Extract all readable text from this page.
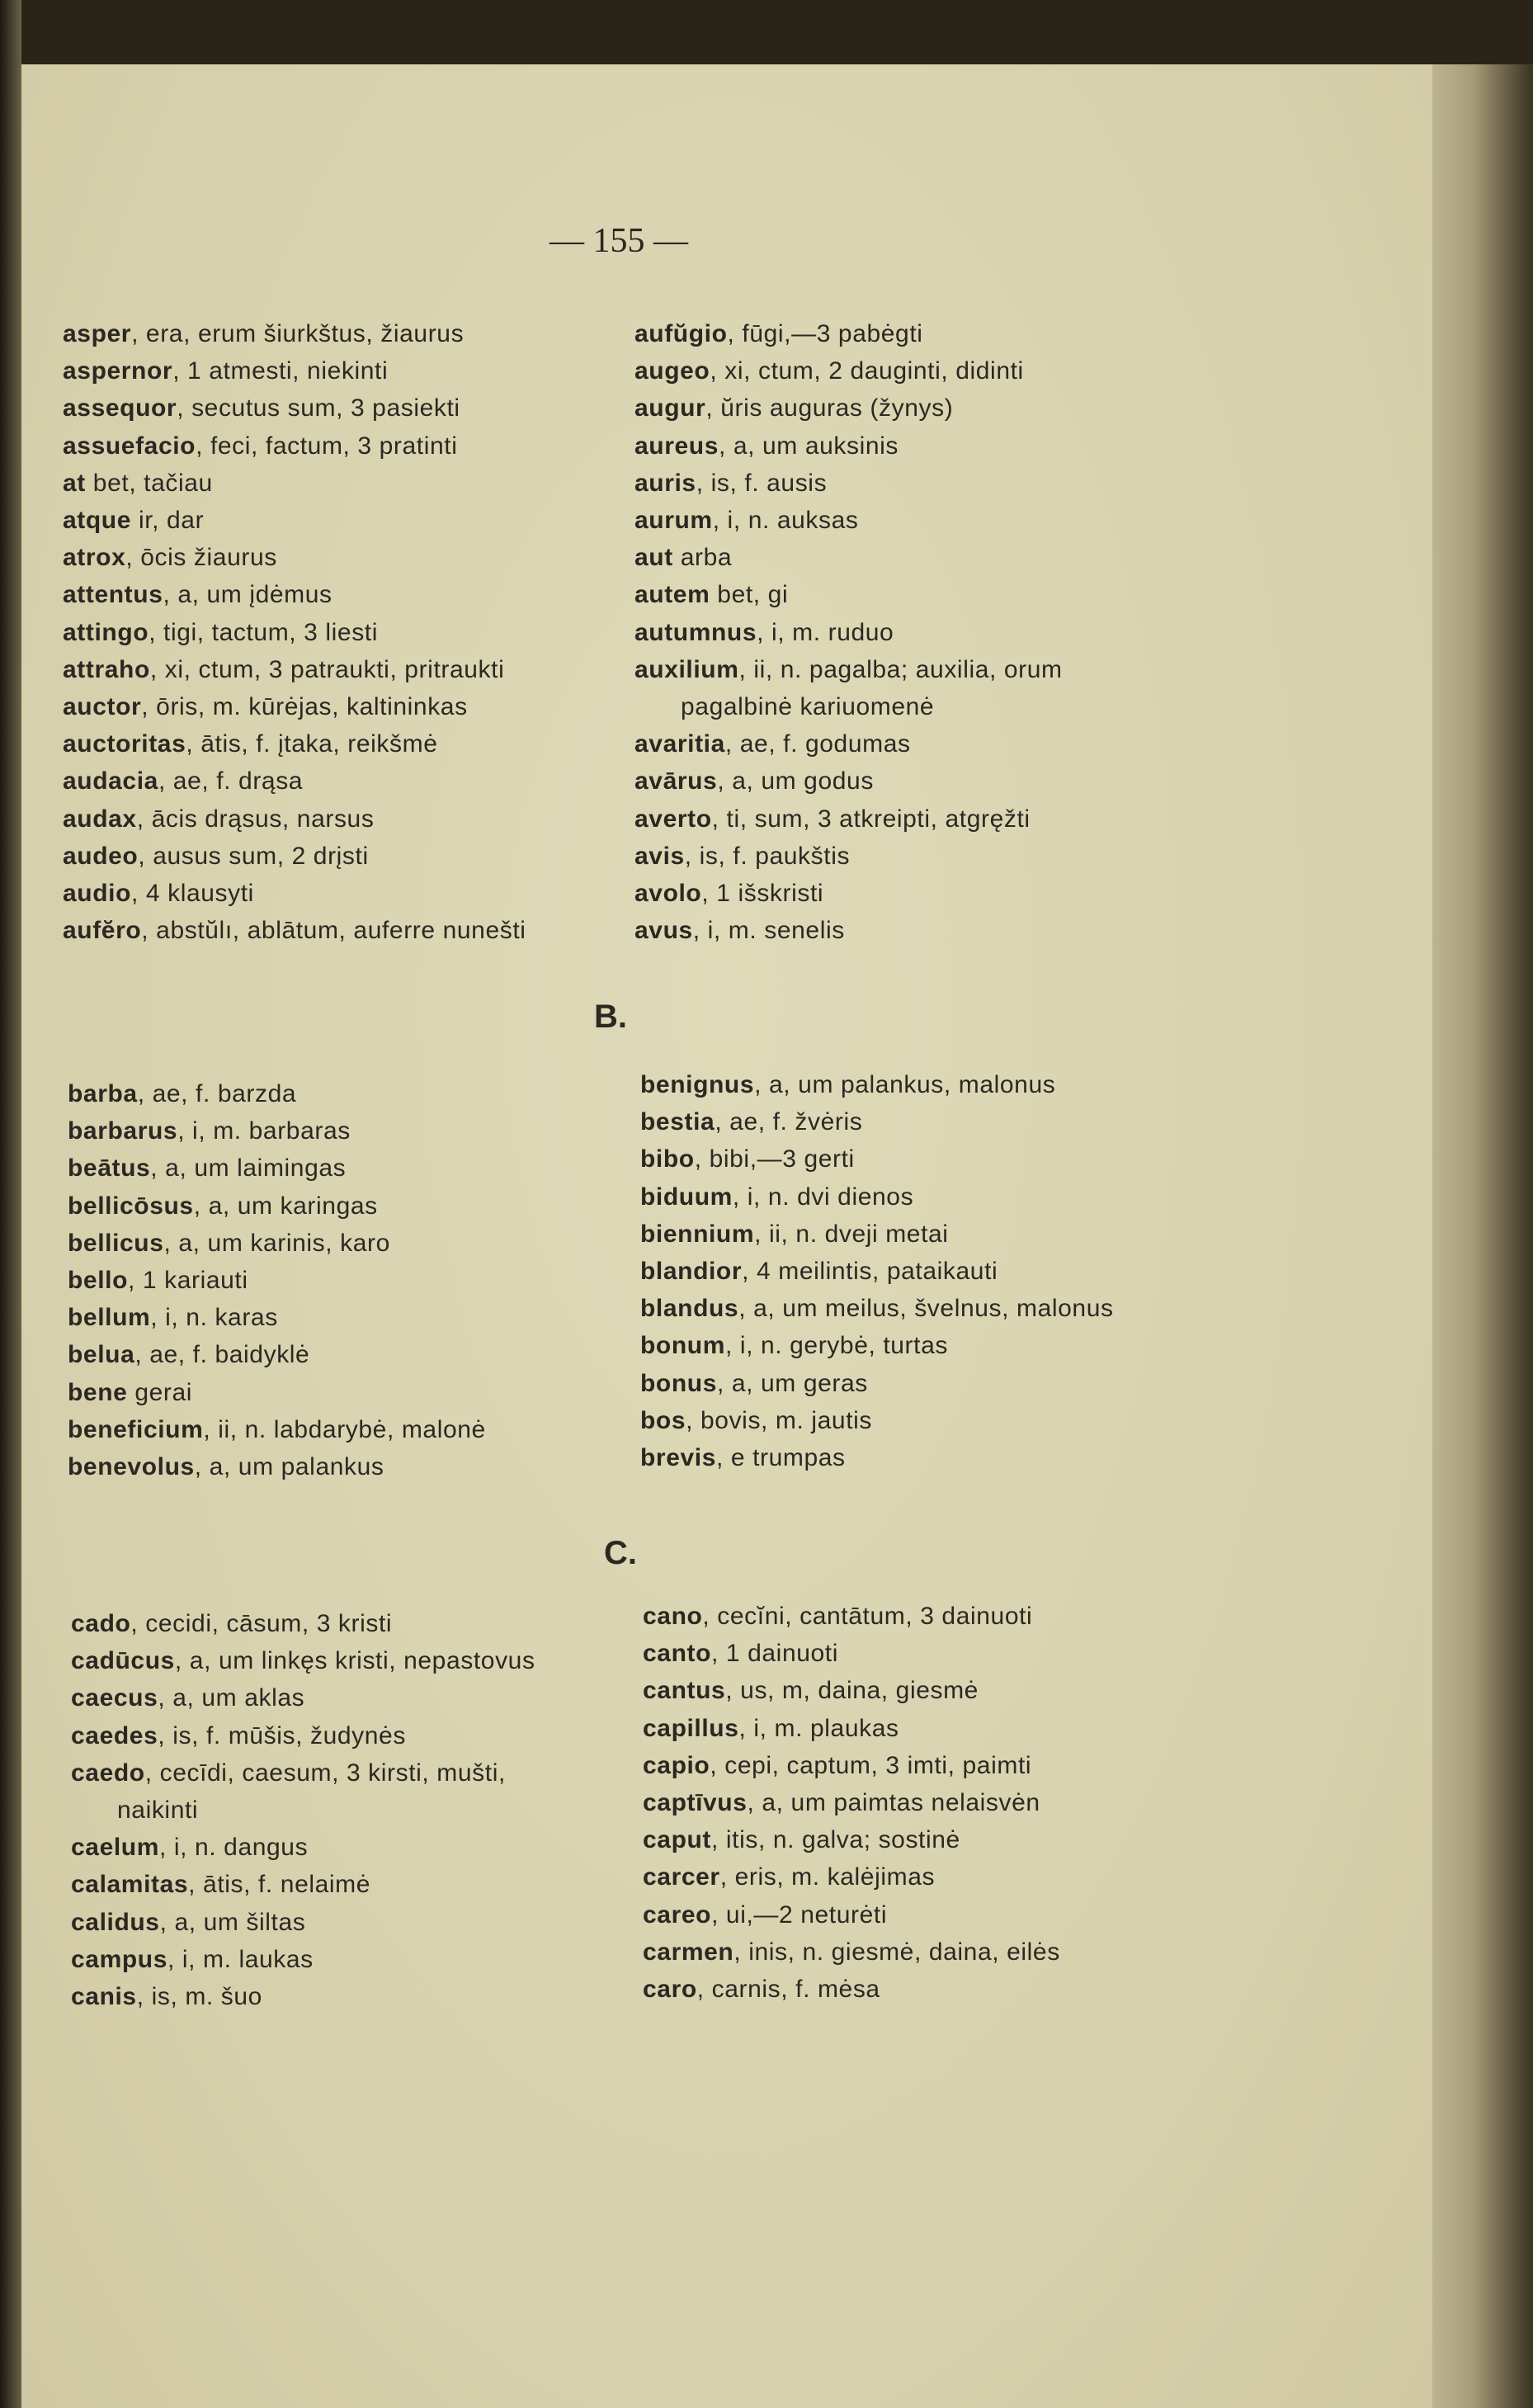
— 155 —
asper, era, erum šiurkštus, žiaurus
aspernor, 1 atmesti, niekinti
assequor, secutus sum, 3 pasiekti
assuefacio, feci, factum, 3 pratinti
at bet, tačiau
atque ir, dar
atrox, ōcis žiaurus
attentus, a, um įdėmus
attingo, tigi, tactum, 3 liesti
attraho, xi, ctum, 3 patraukti, pritraukti
auctor, ōris, m. kūrėjas, kaltininkas
auctoritas, ātis, f. įtaka, reikšmė
audacia, ae, f. drąsa
audax, ācis drąsus, narsus
audeo, ausus sum, 2 drįsti
audio, 4 klausyti
aufĕro, abstŭlı, ablātum, auferre nunešti
aufŭgio, fūgi,—3 pabėgti
augeo, xi, ctum, 2 dauginti, didinti
augur, ŭris auguras (žynys)
aureus, a, um auksinis
auris, is, f. ausis
aurum, i, n. auksas
aut arba
autem bet, gi
autumnus, i, m. ruduo
auxilium, ii, n. pagalba; auxilia, orum
pagalbinė kariuomenė
avaritia, ae, f. godumas
avārus, a, um godus
averto, ti, sum, 3 atkreipti, atgręžti
avis, is, f. paukštis
avolo, 1 išskristi
avus, i, m. senelis
B.
barba, ae, f. barzda
barbarus, i, m. barbaras
beātus, a, um laimingas
bellicōsus, a, um karingas
bellicus, a, um karinis, karo
bello, 1 kariauti
bellum, i, n. karas
belua, ae, f. baidyklė
bene gerai
beneficium, ii, n. labdarybė, malonė
benevolus, a, um palankus
benignus, a, um palankus, malonus
bestia, ae, f. žvėris
bibo, bibi,—3 gerti
biduum, i, n. dvi dienos
biennium, ii, n. dveji metai
blandior, 4 meilintis, pataikauti
blandus, a, um meilus, švelnus, malonus
bonum, i, n. gerybė, turtas
bonus, a, um geras
bos, bovis, m. jautis
brevis, e trumpas
C.
cado, cecidi, cāsum, 3 kristi
cadūcus, a, um linkęs kristi, nepastovus
caecus, a, um aklas
caedes, is, f. mūšis, žudynės
caedo, cecīdi, caesum, 3 kirsti, mušti,
naikinti
caelum, i, n. dangus
calamitas, ātis, f. nelaimė
calidus, a, um šiltas
campus, i, m. laukas
canis, is, m. šuo
cano, cecĭni, cantātum, 3 dainuoti
canto, 1 dainuoti
cantus, us, m, daina, giesmė
capillus, i, m. plaukas
capio, cepi, captum, 3 imti, paimti
captīvus, a, um paimtas nelaisvėn
caput, itis, n. galva; sostinė
carcer, eris, m. kalėjimas
careo, ui,—2 neturėti
carmen, inis, n. giesmė, daina, eilės
caro, carnis, f. mėsa
